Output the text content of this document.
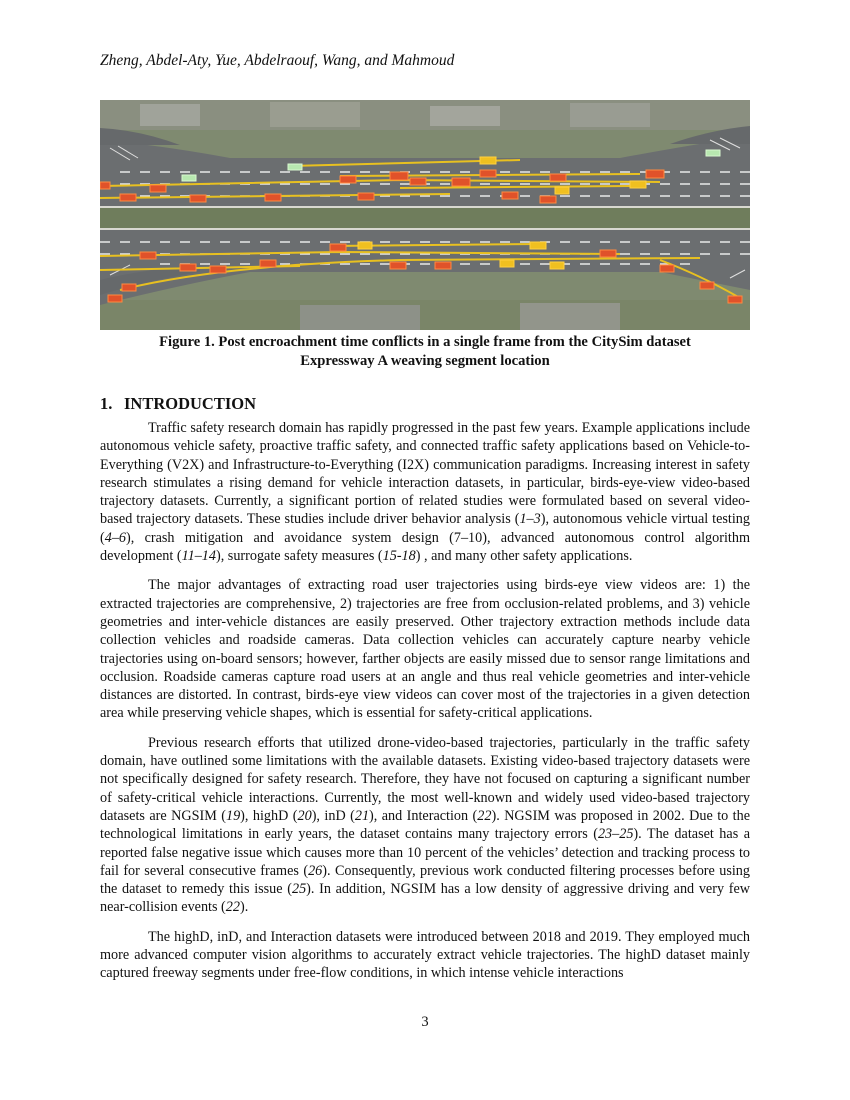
Zheng, Abdel-Aty, Yue, Abdelraouf, Wang, and Mahmoud
Figure 1. Post encroachment time conflicts in a single frame from the CitySim dataset
Expressway A weaving segment location
1. INTRODUCTION

Traffic safety research domain has rapidly progressed in the past few years. Example applications include autonomous vehicle safety, proactive traffic safety, and connected traffic safety applications based on Vehicle-to-Everything (V2X) and Infrastructure-to-Everything (I2X) communication paradigms. Increasing interest in safety research stimulates a rising demand for vehicle interaction datasets, in particular, birds-eye-view video-based trajectory datasets. Currently, a significant portion of related studies were formulated based on several video-based trajectory datasets. These studies include driver behavior analysis (1–3), autonomous vehicle virtual testing (4–6), crash mitigation and avoidance system design (7–10), advanced autonomous control algorithm development (11–14), surrogate safety measures (15-18) , and many other safety applications.

The major advantages of extracting road user trajectories using birds-eye view videos are: 1) the extracted trajectories are comprehensive, 2) trajectories are free from occlusion-related problems, and 3) vehicle geometries and inter-vehicle distances are easily preserved. Other trajectory extraction methods include data collection vehicles and roadside cameras. Data collection vehicles can accurately capture nearby vehicle trajectories using on-board sensors; however, farther objects are easily missed due to sensor range limitations and occlusion. Roadside cameras capture road users at an angle and thus real vehicle geometries and inter-vehicle distances are distorted. In contrast, birds-eye view videos can cover most of the trajectories in a given detection area while preserving vehicle shapes, which is essential for safety-critical applications.

Previous research efforts that utilized drone-video-based trajectories, particularly in the traffic safety domain, have outlined some limitations with the available datasets. Existing video-based trajectory datasets were not specifically designed for safety research. Therefore, they have not focused on capturing a significant number of safety-critical vehicle interactions. Currently, the most well-known and widely used video-based trajectory datasets are NGSIM (19), highD (20), inD (21), and Interaction (22). NGSIM was proposed in 2002. Due to the technological limitations in early years, the dataset contains many trajectory errors (23–25). The dataset has a reported false negative issue which causes more than 10 percent of the vehicles’ detection and tracking process to fail for several consecutive frames (26). Consequently, previous work conducted filtering processes before using the dataset to remedy this issue (25). In addition, NGSIM has a low density of aggressive driving and very few near-collision events (22).

The highD, inD, and Interaction datasets were introduced between 2018 and 2019. They employed much more advanced computer vision algorithms to accurately extract vehicle trajectories. The highD dataset mainly captured freeway segments under free-flow conditions, in which intense vehicle interactions

3
